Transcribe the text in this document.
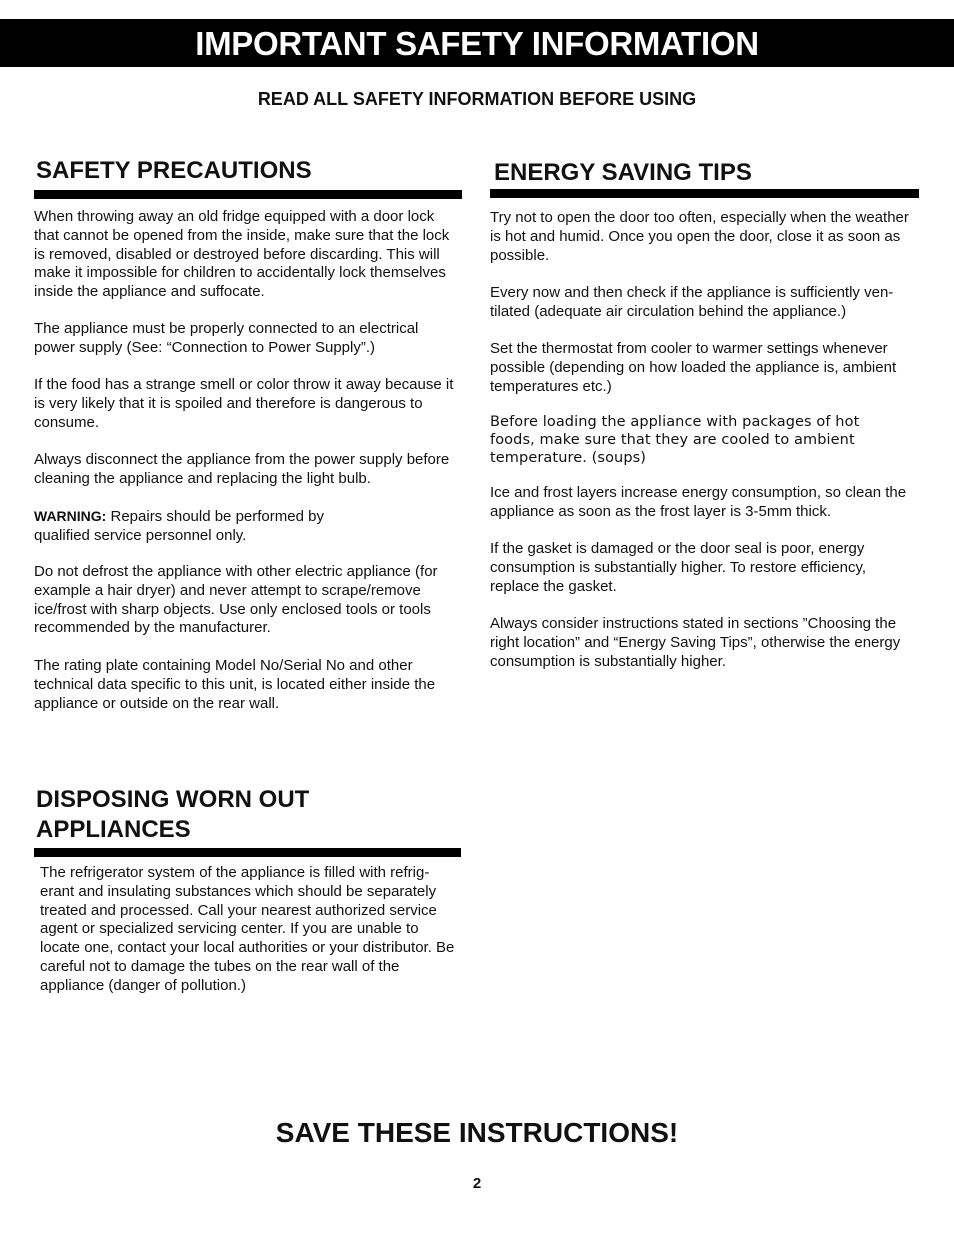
IMPORTANT SAFETY INFORMATION
READ ALL SAFETY INFORMATION BEFORE USING
SAFETY PRECAUTIONS

When throwing away an old fridge equipped with a door lock that cannot be opened from the inside, make sure that the lock is removed, disabled or destroyed before discarding. This will make it impossible for children to accidentally lock themselves inside the appliance and suffocate.

The appliance must be properly connected to an electrical power supply (See: “Connection to Power Supply”.)

If the food has a strange smell or color throw it away because it is very likely that it is spoiled and therefore is dangerous to consume.

Always disconnect the appliance from the power supply before cleaning the appliance and replacing the light bulb.

WARNING: Repairs should be performed by qualified service personnel only.

Do not defrost the appliance with other electric appliance (for example a hair dryer) and never attempt to scrape/remove ice/frost with sharp objects. Use only enclosed tools or tools recommended by the manufacturer.

The rating plate containing Model No/Serial No and other technical data specific to this unit, is located either inside the appliance or outside on the rear wall.

ENERGY SAVING TIPS

Try not to open the door too often, especially when the weather is hot and humid. Once you open the door, close it as soon as possible.

Every now and then check if the appliance is sufficiently ven-tilated (adequate air circulation behind the appliance.)

Set the thermostat from cooler to warmer settings whenever possible (depending on how loaded the appliance is, ambient temperatures etc.)

Before loading the appliance with packages of hot foods, make sure that they are cooled to ambient temperature. (soups)

Ice and frost layers increase energy consumption, so clean the appliance as soon as the frost layer is 3-5mm thick.

If the gasket is damaged or the door seal is poor, energy consumption is substantially higher. To restore efficiency, replace the gasket.

Always consider instructions stated in sections ”Choosing the right location” and “Energy Saving Tips”, otherwise the energy consumption is substantially higher.

DISPOSING WORN OUT APPLIANCES

The refrigerator system of the appliance is filled with refrig-erant and insulating substances which should be separately treated and processed. Call your nearest authorized service agent or specialized servicing center. If you are unable to locate one, contact your local authorities or your distributor. Be careful not to damage the tubes on the rear wall of the appliance (danger of pollution.)

SAVE THESE INSTRUCTIONS!
2
